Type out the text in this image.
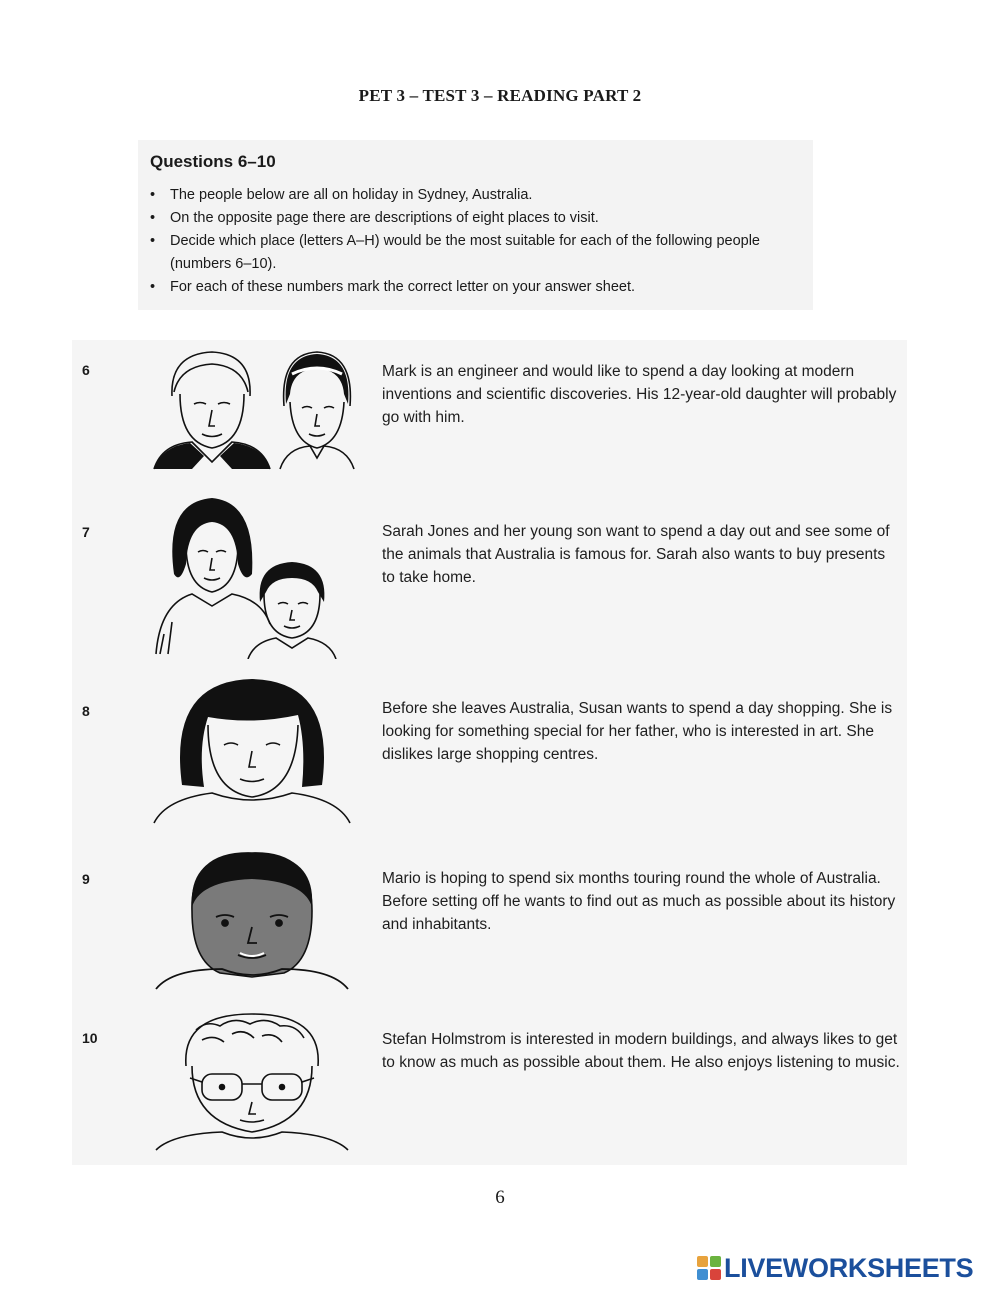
PET 3 – TEST 3 – READING PART 2
Questions 6–10
• The people below are all on holiday in Sydney, Australia.
• On the opposite page there are descriptions of eight places to visit.
• Decide which place (letters A–H) would be the most suitable for each of the following people (numbers 6–10).
• For each of these numbers mark the correct letter on your answer sheet.
6	Mark is an engineer and would like to spend a day looking at modern inventions and scientific discoveries. His 12-year-old daughter will probably go with him.
7	Sarah Jones and her young son want to spend a day out and see some of the animals that Australia is famous for. Sarah also wants to buy presents to take home.
8	Before she leaves Australia, Susan wants to spend a day shopping. She is looking for something special for her father, who is interested in art. She dislikes large shopping centres.
9	Mario is hoping to spend six months touring round the whole of Australia. Before setting off he wants to find out as much as possible about its history and inhabitants.
10	Stefan Holmstrom is interested in modern buildings, and always likes to get to know as much as possible about them. He also enjoys listening to music.
6
LIVEWORKSHEETS
